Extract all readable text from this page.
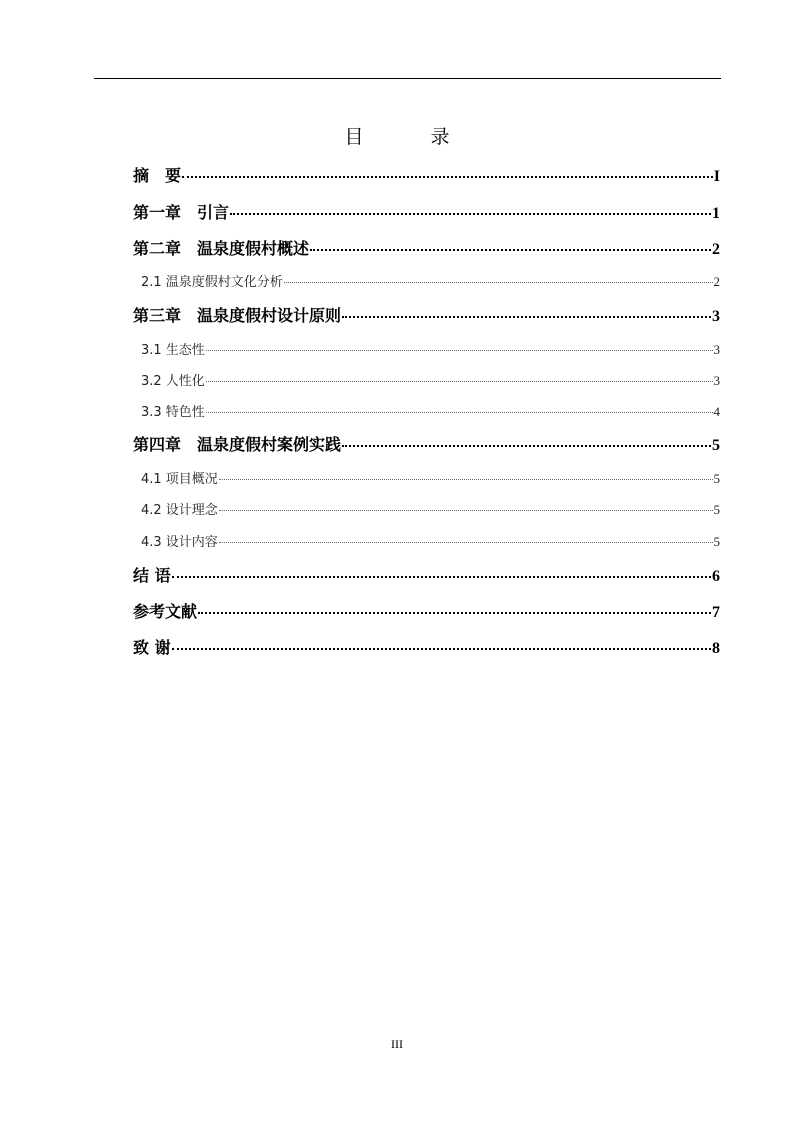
目　录
摘　要	I
第一章　引言	1
第二章　温泉度假村概述	2
2.1 温泉度假村文化分析	2
第三章　温泉度假村设计原则	3
3.1 生态性	3
3.2 人性化	3
3.3 特色性	4
第四章　温泉度假村案例实践	5
4.1 项目概况	5
4.2 设计理念	5
4.3 设计内容	5
结 语	6
参考文献	7
致 谢	8
III
